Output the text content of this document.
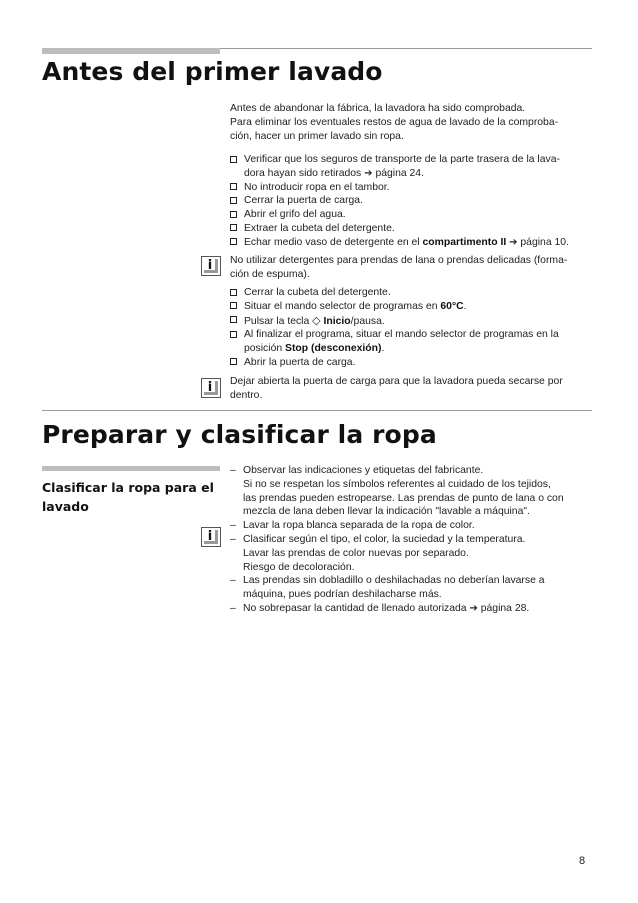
Antes del primer lavado

Antes de abandonar la fábrica, la lavadora ha sido comprobada.

Para eliminar los eventuales restos de agua de lavado de la comproba-

ción, hacer un primer lavado sin ropa.

Verificar que los seguros de transporte de la parte trasera de la lava-
dora hayan sido retirados ➔ página 24.
No introducir ropa en el tambor.
Cerrar la puerta de carga.
Abrir el grifo del agua.
Extraer la cubeta del detergente.
Echar medio vaso de detergente en el compartimento II ➔ página 10.
i	No utilizar detergentes para prendas de lana o prendas delicadas (forma-

ción de espuma).

Cerrar la cubeta del detergente.
Situar el mando selector de programas en 60°C.
Pulsar la tecla ◇ Inicio/pausa.
Al finalizar el programa, situar el mando selector de programas en la
posición Stop (desconexión).
Abrir la puerta de carga.
i	Dejar abierta la puerta de carga para que la lavadora pueda secarse por

dentro.

Preparar y clasificar la ropa
Clasificar la ropa para el lavado
i
– Observar las indicaciones y etiquetas del fabricante.
Si no se respetan los símbolos referentes al cuidado de los tejidos,
las prendas pueden estropearse. Las prendas de punto de lana o con
mezcla de lana deben llevar la indicación "lavable a máquina".
– Lavar la ropa blanca separada de la ropa de color.
– Clasificar según el tipo, el color, la suciedad y la temperatura.
Lavar las prendas de color nuevas por separado.
Riesgo de decoloración.
– Las prendas sin dobladillo o deshilachadas no deberían lavarse a
máquina, pues podrían deshilacharse más.
– No sobrepasar la cantidad de llenado autorizada ➔ página 28.
8
